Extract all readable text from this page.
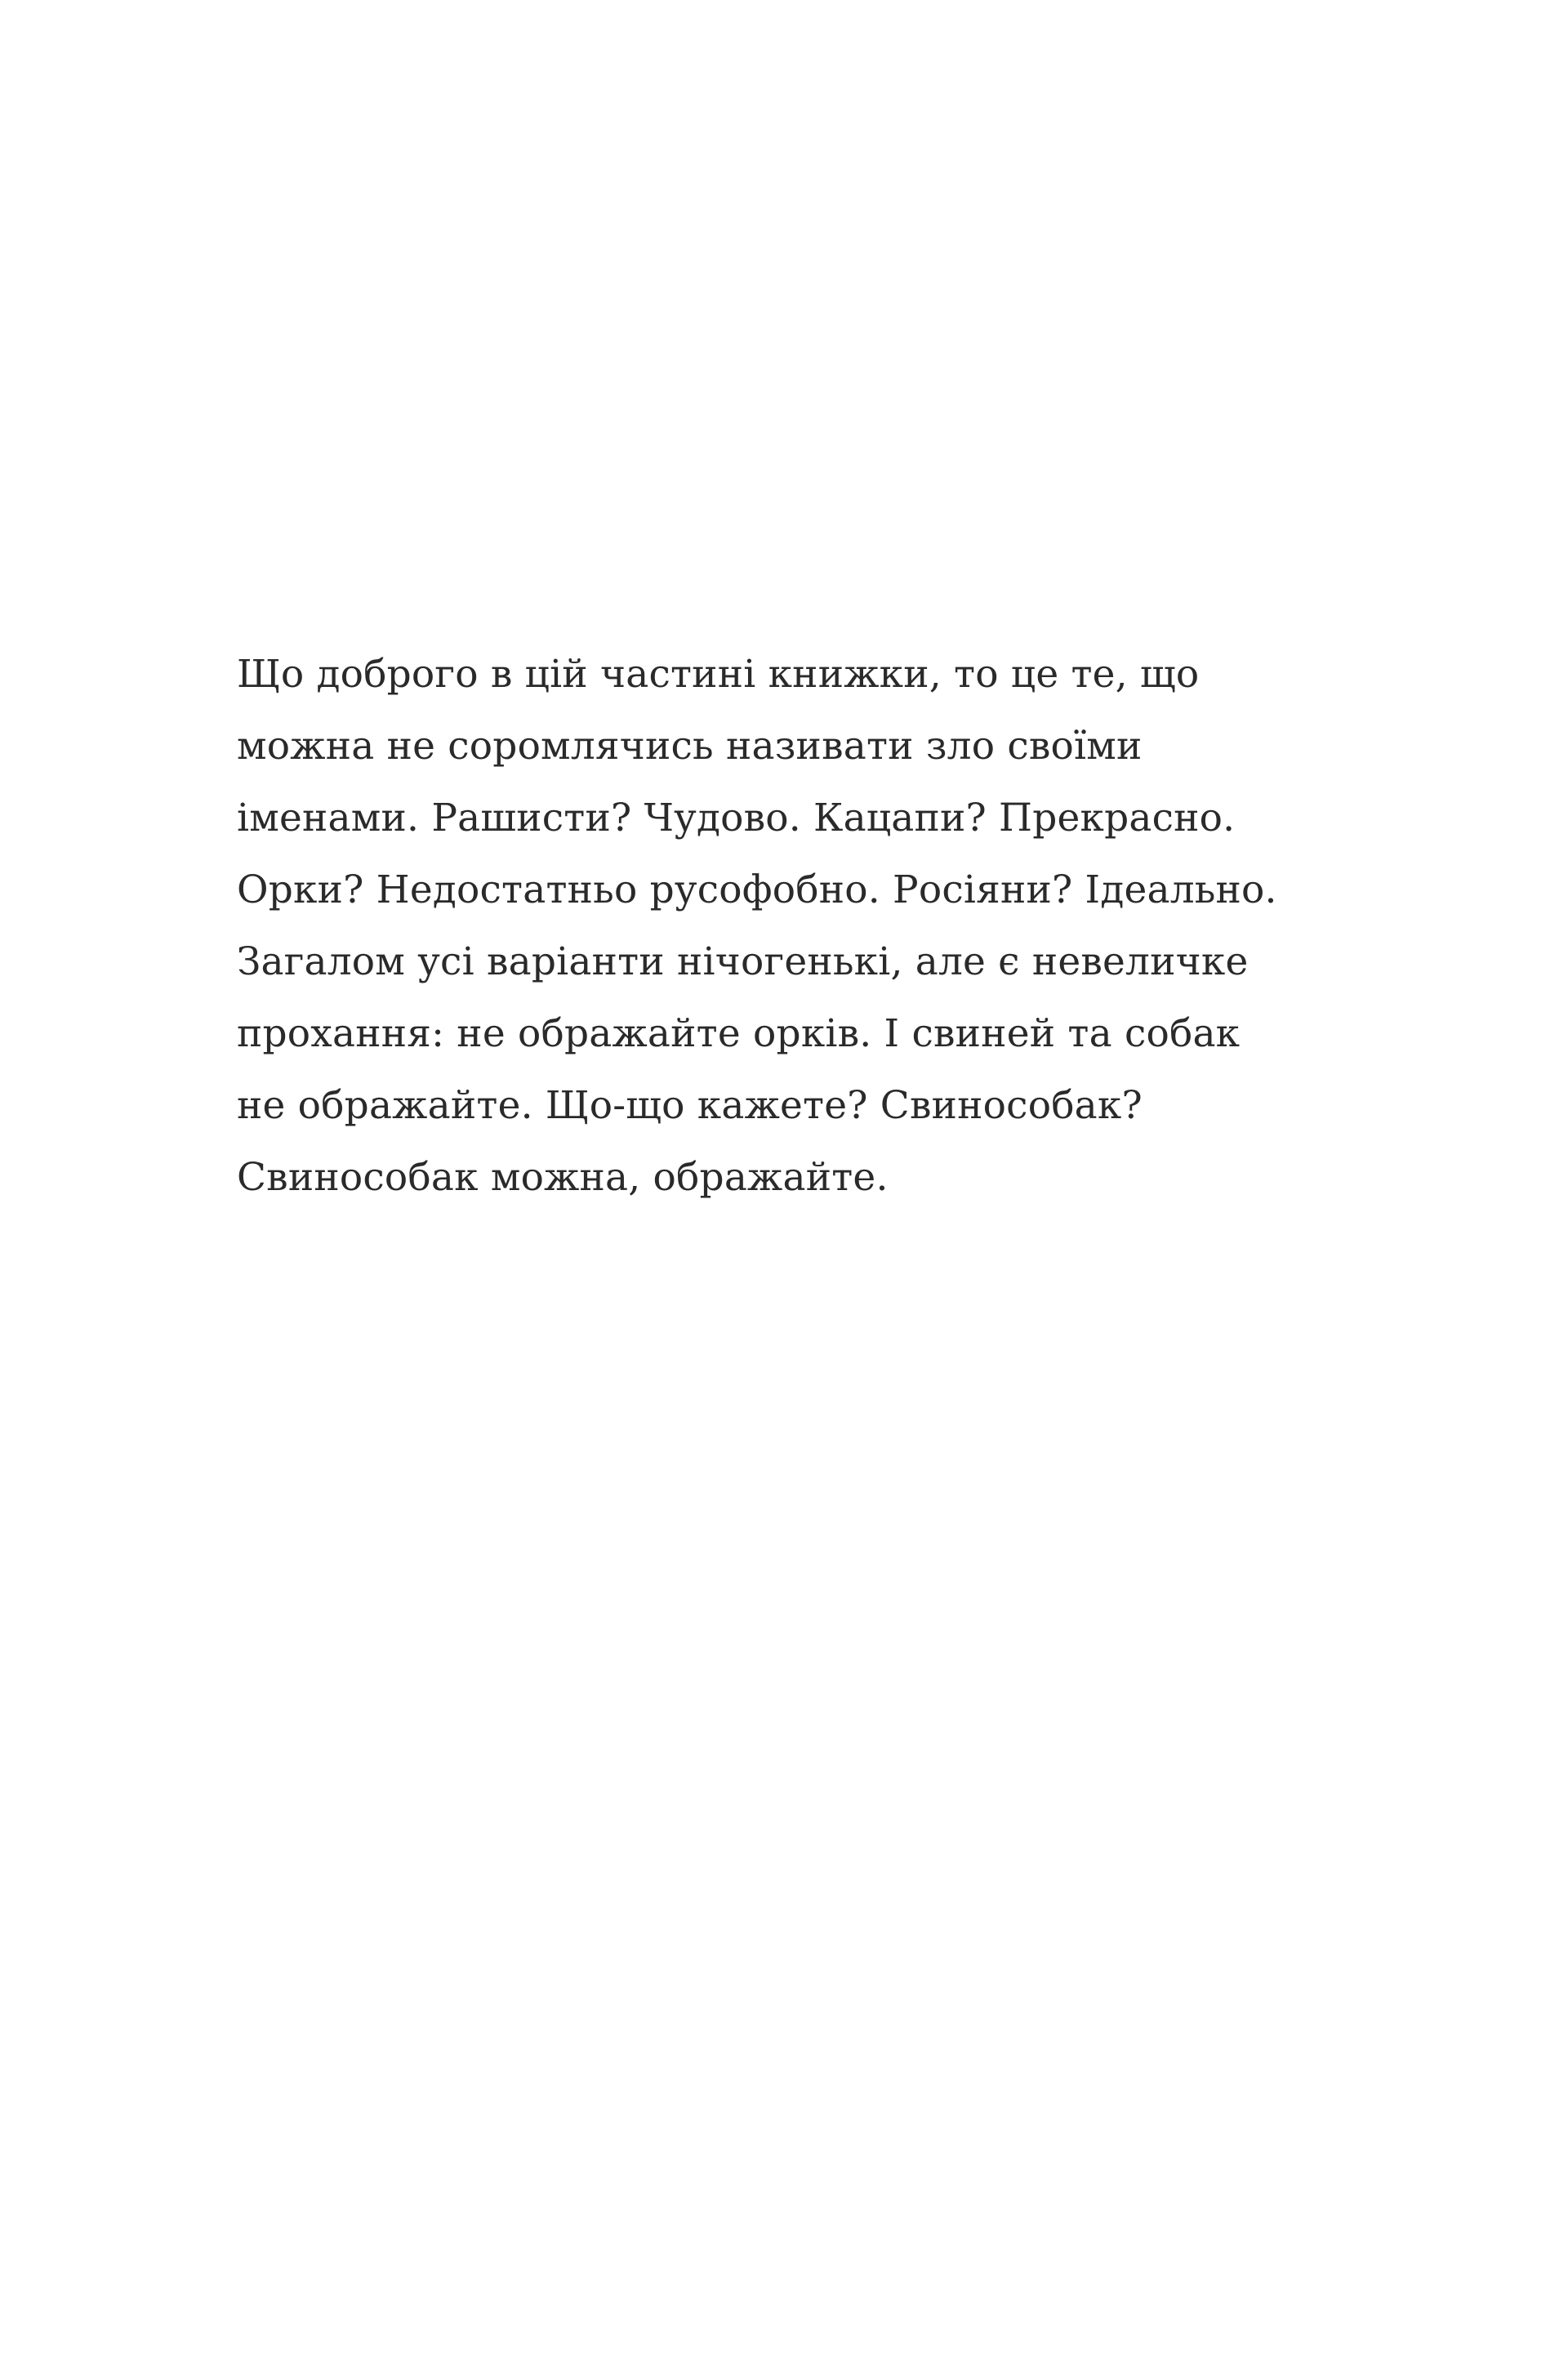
Що доброго в цій частині книжки, то це те, що
можна не соромлячись називати зло своїми
іменами. Рашисти? Чудово. Кацапи? Прекрасно.
Орки? Недостатньо русофобно. Росіяни? Ідеально.
Загалом усі варіанти нічогенькі, але є невеличке
прохання: не ображайте орків. І свиней та собак
не ображайте. Що-що кажете? Свинособак?
Свинособак можна, ображайте.
